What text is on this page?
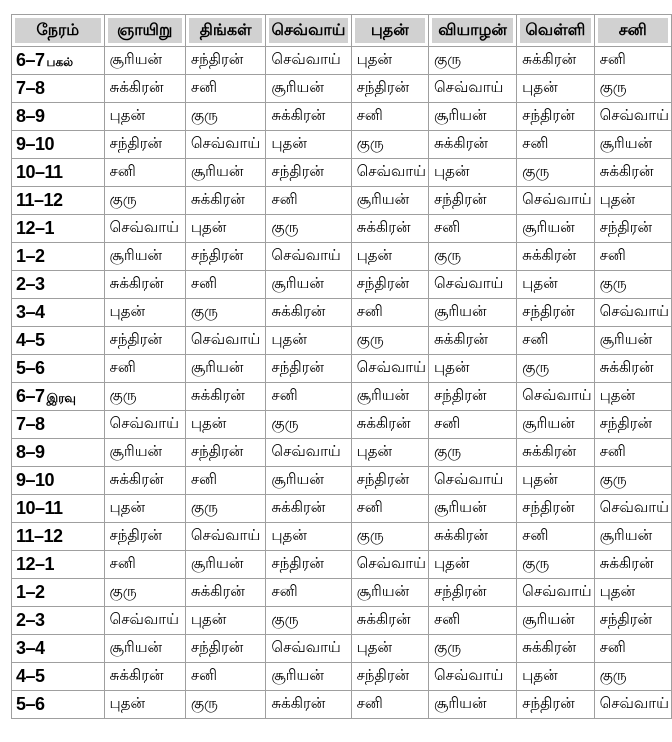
நேரம்	ஞாயிறு	திங்கள்	செவ்வாய்	புதன்	வியாழன்	வெள்ளி	சனி
6–7 பகல்	சூரியன்	சந்திரன்	செவ்வாய்	புதன்	குரு	சுக்கிரன்	சனி
7–8	சுக்கிரன்	சனி	சூரியன்	சந்திரன்	செவ்வாய்	புதன்	குரு
8–9	புதன்	குரு	சுக்கிரன்	சனி	சூரியன்	சந்திரன்	செவ்வாய்
9–10	சந்திரன்	செவ்வாய்	புதன்	குரு	சுக்கிரன்	சனி	சூரியன்
10–11	சனி	சூரியன்	சந்திரன்	செவ்வாய்	புதன்	குரு	சுக்கிரன்
11–12	குரு	சுக்கிரன்	சனி	சூரியன்	சந்திரன்	செவ்வாய்	புதன்
12–1	செவ்வாய்	புதன்	குரு	சுக்கிரன்	சனி	சூரியன்	சந்திரன்
1–2	சூரியன்	சந்திரன்	செவ்வாய்	புதன்	குரு	சுக்கிரன்	சனி
2–3	சுக்கிரன்	சனி	சூரியன்	சந்திரன்	செவ்வாய்	புதன்	குரு
3–4	புதன்	குரு	சுக்கிரன்	சனி	சூரியன்	சந்திரன்	செவ்வாய்
4–5	சந்திரன்	செவ்வாய்	புதன்	குரு	சுக்கிரன்	சனி	சூரியன்
5–6	சனி	சூரியன்	சந்திரன்	செவ்வாய்	புதன்	குரு	சுக்கிரன்
6–7 இரவு	குரு	சுக்கிரன்	சனி	சூரியன்	சந்திரன்	செவ்வாய்	புதன்
7–8	செவ்வாய்	புதன்	குரு	சுக்கிரன்	சனி	சூரியன்	சந்திரன்
8–9	சூரியன்	சந்திரன்	செவ்வாய்	புதன்	குரு	சுக்கிரன்	சனி
9–10	சுக்கிரன்	சனி	சூரியன்	சந்திரன்	செவ்வாய்	புதன்	குரு
10–11	புதன்	குரு	சுக்கிரன்	சனி	சூரியன்	சந்திரன்	செவ்வாய்
11–12	சந்திரன்	செவ்வாய்	புதன்	குரு	சுக்கிரன்	சனி	சூரியன்
12–1	சனி	சூரியன்	சந்திரன்	செவ்வாய்	புதன்	குரு	சுக்கிரன்
1–2	குரு	சுக்கிரன்	சனி	சூரியன்	சந்திரன்	செவ்வாய்	புதன்
2–3	செவ்வாய்	புதன்	குரு	சுக்கிரன்	சனி	சூரியன்	சந்திரன்
3–4	சூரியன்	சந்திரன்	செவ்வாய்	புதன்	குரு	சுக்கிரன்	சனி
4–5	சுக்கிரன்	சனி	சூரியன்	சந்திரன்	செவ்வாய்	புதன்	குரு
5–6	புதன்	குரு	சுக்கிரன்	சனி	சூரியன்	சந்திரன்	செவ்வாய்
